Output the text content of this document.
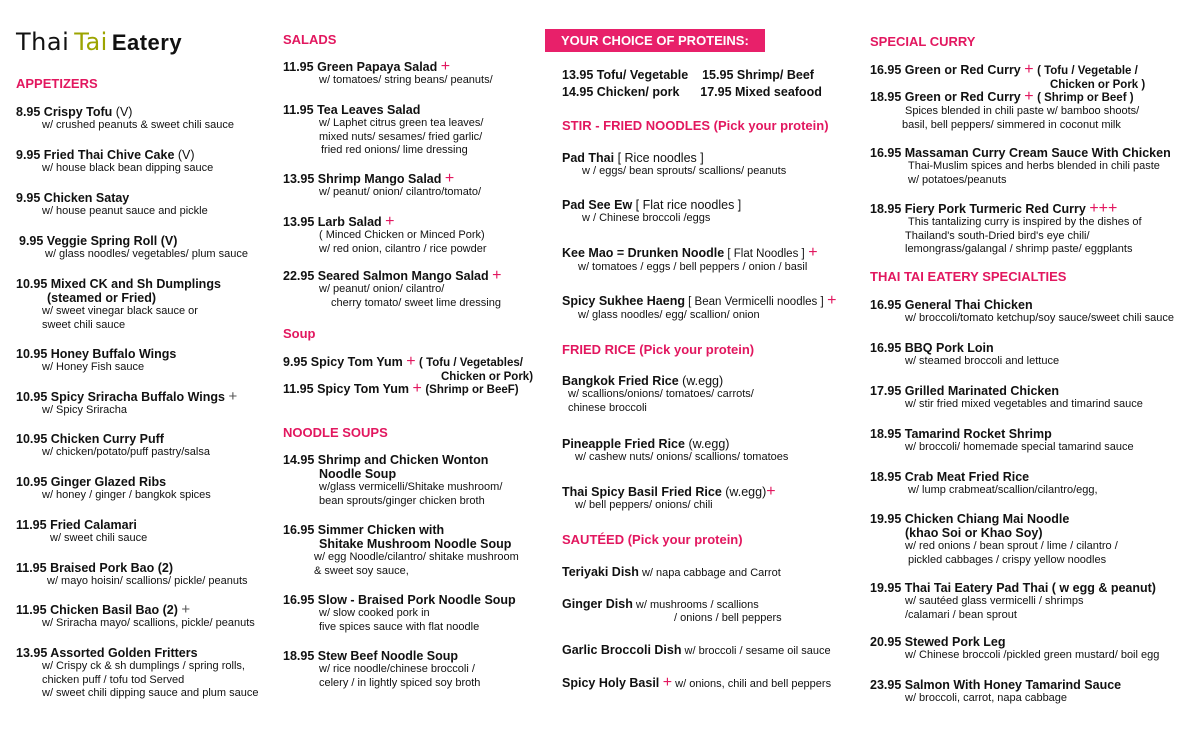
Thai Tai Eatery
APPETIZERS
8.95 Crispy Tofu (V)
w/ crushed peanuts & sweet chili sauce
9.95 Fried Thai Chive Cake (V)
w/ house black bean dipping sauce
9.95 Chicken Satay
w/ house peanut sauce and pickle
9.95 Veggie Spring Roll (V)
w/ glass noodles/ vegetables/ plum sauce
10.95 Mixed CK and Sh Dumplings
(steamed or Fried)
w/ sweet vinegar black sauce or
sweet chili sauce
10.95 Honey Buffalo Wings
w/ Honey Fish sauce
10.95 Spicy Sriracha Buffalo Wings +
w/ Spicy Sriracha
10.95 Chicken Curry Puff
w/ chicken/potato/puff pastry/salsa
10.95 Ginger Glazed Ribs
w/ honey / ginger / bangkok spices
11.95 Fried Calamari
w/ sweet chili sauce
11.95 Braised Pork Bao (2)
w/ mayo hoisin/ scallions/ pickle/ peanuts
11.95 Chicken Basil Bao (2) +
w/ Sriracha mayo/ scallions, pickle/ peanuts
13.95 Assorted Golden Fritters
w/ Crispy ck & sh dumplings / spring rolls,
chicken puff / tofu tod Served
w/ sweet chili dipping sauce and plum sauce
SALADS
11.95 Green Papaya Salad +
w/ tomatoes/ string beans/ peanuts/
11.95 Tea Leaves Salad
w/ Laphet citrus green tea leaves/
mixed nuts/ sesames/ fried garlic/
fried red onions/ lime dressing
13.95 Shrimp Mango Salad +
w/ peanut/ onion/ cilantro/tomato/
13.95 Larb Salad +
( Minced Chicken or Minced Pork)
w/ red onion, cilantro / rice powder
22.95 Seared Salmon Mango Salad +
w/ peanut/ onion/ cilantro/
cherry tomato/ sweet lime dressing
Soup
9.95 Spicy Tom Yum + ( Tofu / Vegetables/
Chicken or Pork)
11.95 Spicy Tom Yum + (Shrimp or BeeF)
NOODLE SOUPS
14.95 Shrimp and Chicken Wonton
Noodle Soup
w/glass vermicelli/Shitake mushroom/
bean sprouts/ginger chicken broth
16.95 Simmer Chicken with
Shitake Mushroom Noodle Soup
w/ egg Noodle/cilantro/ shitake mushroom
& sweet soy sauce,
16.95 Slow - Braised Pork Noodle Soup
w/ slow cooked pork in
five spices sauce with flat noodle
18.95 Stew Beef Noodle Soup
w/ rice noodle/chinese broccoli /
celery / in lightly spiced soy broth
YOUR CHOICE OF PROTEINS:
13.95 Tofu/ Vegetable 15.95 Shrimp/ Beef
14.95 Chicken/ pork 17.95 Mixed seafood
STIR - FRIED NOODLES (Pick your protein)
Pad Thai [ Rice noodles ]
w / eggs/ bean sprouts/ scallions/ peanuts
Pad See Ew [ Flat rice noodles ]
w / Chinese broccoli /eggs
Kee Mao = Drunken Noodle [ Flat Noodles ] +
w/ tomatoes / eggs / bell peppers / onion / basil
Spicy Sukhee Haeng [ Bean Vermicelli noodles ] +
w/ glass noodles/ egg/ scallion/ onion
FRIED RICE (Pick your protein)
Bangkok Fried Rice (w.egg)
w/ scallions/onions/ tomatoes/ carrots/
chinese broccoli
Pineapple Fried Rice (w.egg)
w/ cashew nuts/ onions/ scallions/ tomatoes
Thai Spicy Basil Fried Rice (w.egg)+
w/ bell peppers/ onions/ chili
SAUTÉED (Pick your protein)
Teriyaki Dish w/ napa cabbage and Carrot
Ginger Dish w/ mushrooms / scallions
/ onions / bell peppers
Garlic Broccoli Dish w/ broccoli / sesame oil sauce
Spicy Holy Basil + w/ onions, chili and bell peppers
SPECIAL CURRY
16.95 Green or Red Curry + ( Tofu / Vegetable /
Chicken or Pork )
18.95 Green or Red Curry + ( Shrimp or Beef )
Spices blended in chili paste w/ bamboo shoots/
basil, bell peppers/ simmered in coconut milk
16.95 Massaman Curry Cream Sauce With Chicken
Thai-Muslim spices and herbs blended in chili paste
w/ potatoes/peanuts
18.95 Fiery Pork Turmeric Red Curry +++
This tantalizing curry is inspired by the dishes of
Thailand's south-Dried bird's eye chili/
lemongrass/galangal / shrimp paste/ eggplants
THAI TAI EATERY SPECIALTIES
16.95 General Thai Chicken
w/ broccoli/tomato ketchup/soy sauce/sweet chili sauce
16.95 BBQ Pork Loin
w/ steamed broccoli and lettuce
17.95 Grilled Marinated Chicken
w/ stir fried mixed vegetables and timarind sauce
18.95 Tamarind Rocket Shrimp
w/ broccoli/ homemade special tamarind sauce
18.95 Crab Meat Fried Rice
w/ lump crabmeat/scallion/cilantro/egg,
19.95 Chicken Chiang Mai Noodle
(khao Soi or Khao Soy)
w/ red onions / bean sprout / lime / cilantro /
pickled cabbages / crispy yellow noodles
19.95 Thai Tai Eatery Pad Thai ( w egg & peanut)
w/ sautéed glass vermicelli / shrimps
/calamari / bean sprout
20.95 Stewed Pork Leg
w/ Chinese broccoli /pickled green mustard/ boil egg
23.95 Salmon With Honey Tamarind Sauce
w/ broccoli, carrot, napa cabbage
